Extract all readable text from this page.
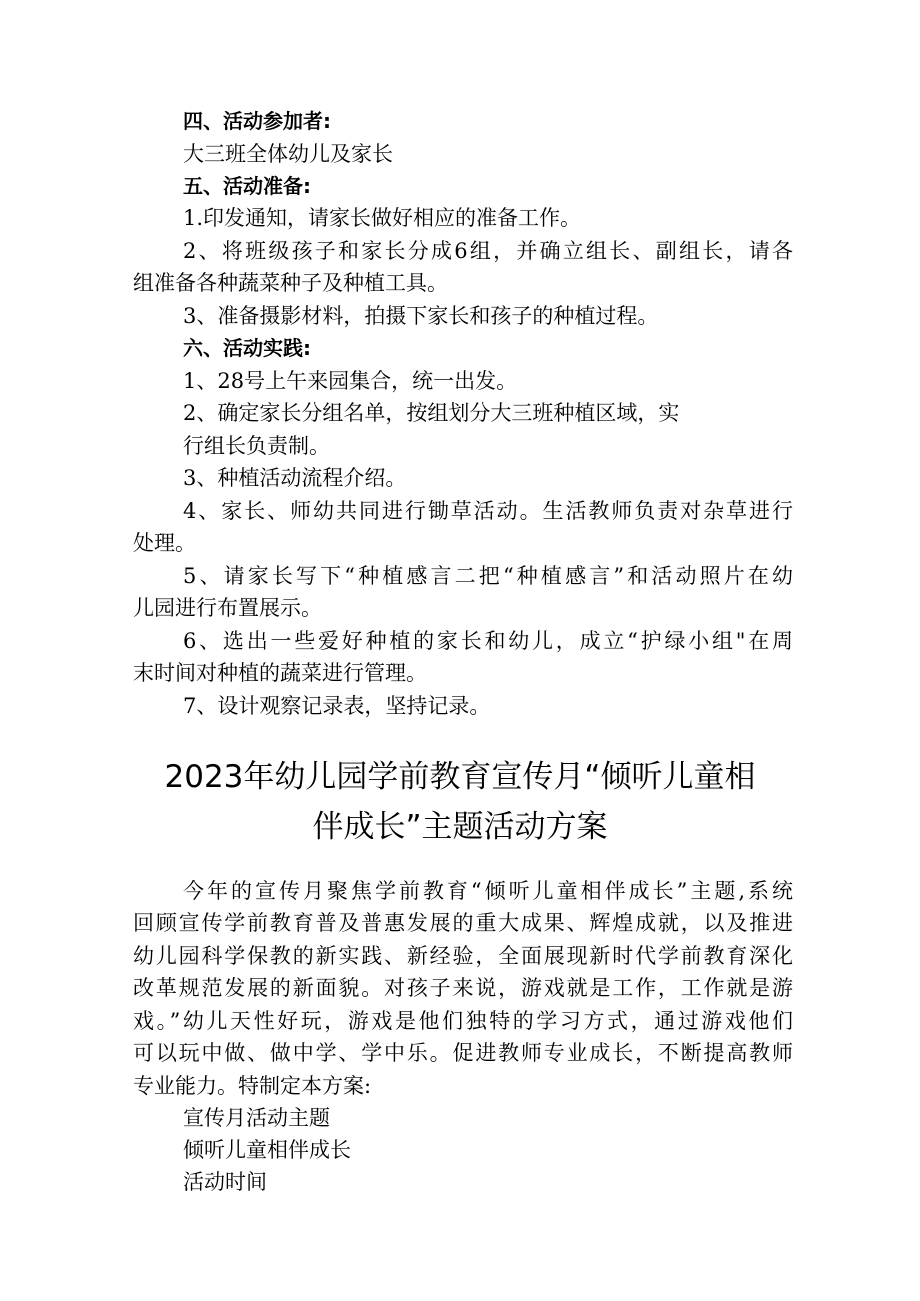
四、活动参加者:
大三班全体幼儿及家长
五、活动准备:
1.印发通知，请家长做好相应的准备工作。
2、将班级孩子和家长分成6组，并确立组长、副组长，请各
组准备各种蔬菜种子及种植工具。
3、准备摄影材料，拍摄下家长和孩子的种植过程。
六、活动实践:
1、28号上午来园集合，统一出发。
2、确定家长分组名单，按组划分大三班种植区域，实
行组长负责制。
3、种植活动流程介绍。
4、家长、师幼共同进行锄草活动。生活教师负责对杂草进行
处理。
5、请家长写下“种植感言二把“种植感言”和活动照片在幼
儿园进行布置展示。
6、选出一些爱好种植的家长和幼儿，成立“护绿小组"在周
末时间对种植的蔬菜进行管理。
7、设计观察记录表，坚持记录。
2023年幼儿园学前教育宣传月“倾听儿童相
伴成长”主题活动方案
今年的宣传月聚焦学前教育“倾听儿童相伴成长”主题,系统
回顾宣传学前教育普及普惠发展的重大成果、辉煌成就，以及推进
幼儿园科学保教的新实践、新经验，全面展现新时代学前教育深化
改革规范发展的新面貌。对孩子来说，游戏就是工作，工作就是游
戏。”幼儿天性好玩，游戏是他们独特的学习方式，通过游戏他们
可以玩中做、做中学、学中乐。促进教师专业成长，不断提高教师
专业能力。特制定本方案:
宣传月活动主题
倾听儿童相伴成长
活动时间
